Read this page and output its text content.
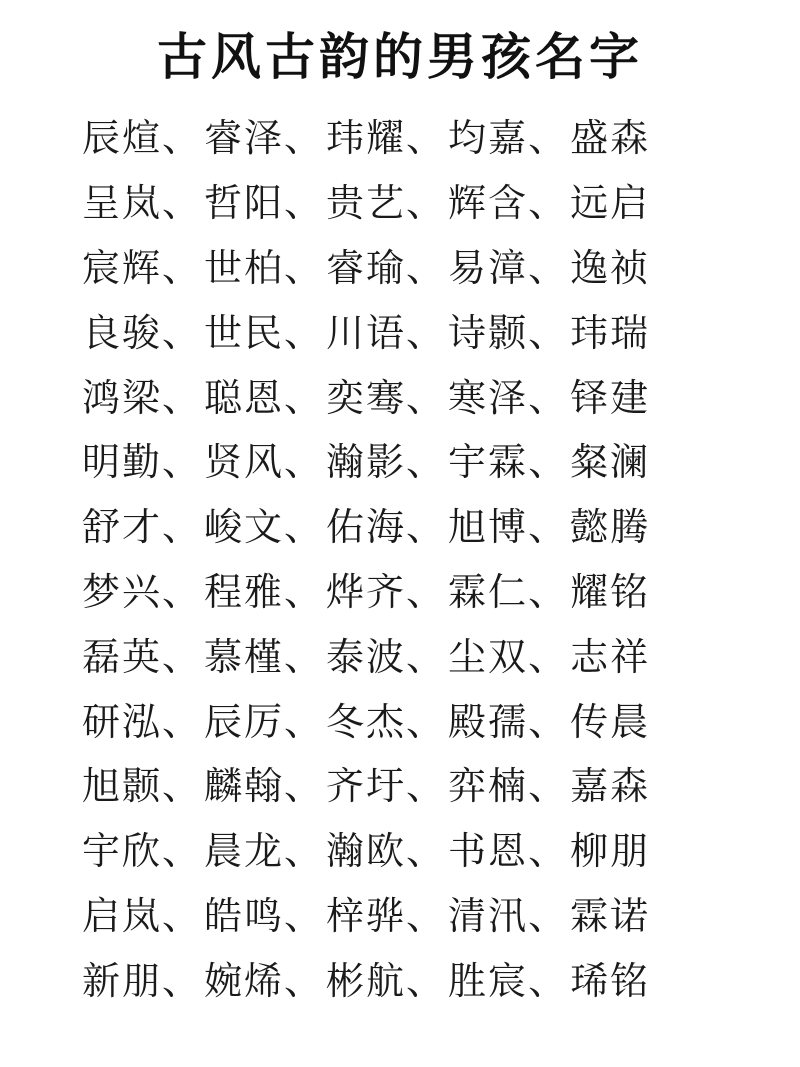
古风古韵的男孩名字
辰煊 、 睿泽 、 玮耀 、 均嘉 、 盛森
呈岚 、 哲阳 、 贵艺 、 辉含 、 远启
宸辉 、 世柏 、 睿瑜 、 易漳 、 逸祯
良骏 、 世民 、 川语 、 诗颢 、 玮瑞
鸿梁 、 聪恩 、 奕骞 、 寒泽 、 铎建
明勤 、 贤风 、 瀚影 、 宇霖 、 粲澜
舒才 、 峻文 、 佑海 、 旭博 、 懿腾
梦兴 、 程雅 、 烨齐 、 霖仁 、 耀铭
磊英 、 慕槿 、 泰波 、 尘双 、 志祥
研泓 、 辰厉 、 冬杰 、 殿孺 、 传晨
旭颢 、 麟翰 、 齐圩 、 弈楠 、 嘉森
宇欣 、 晨龙 、 瀚欧 、 书恩 、 柳朋
启岚 、 皓鸣 、 梓骅 、 清汛 、 霖诺
新朋 、 婉烯 、 彬航 、 胜宸 、 琋铭
